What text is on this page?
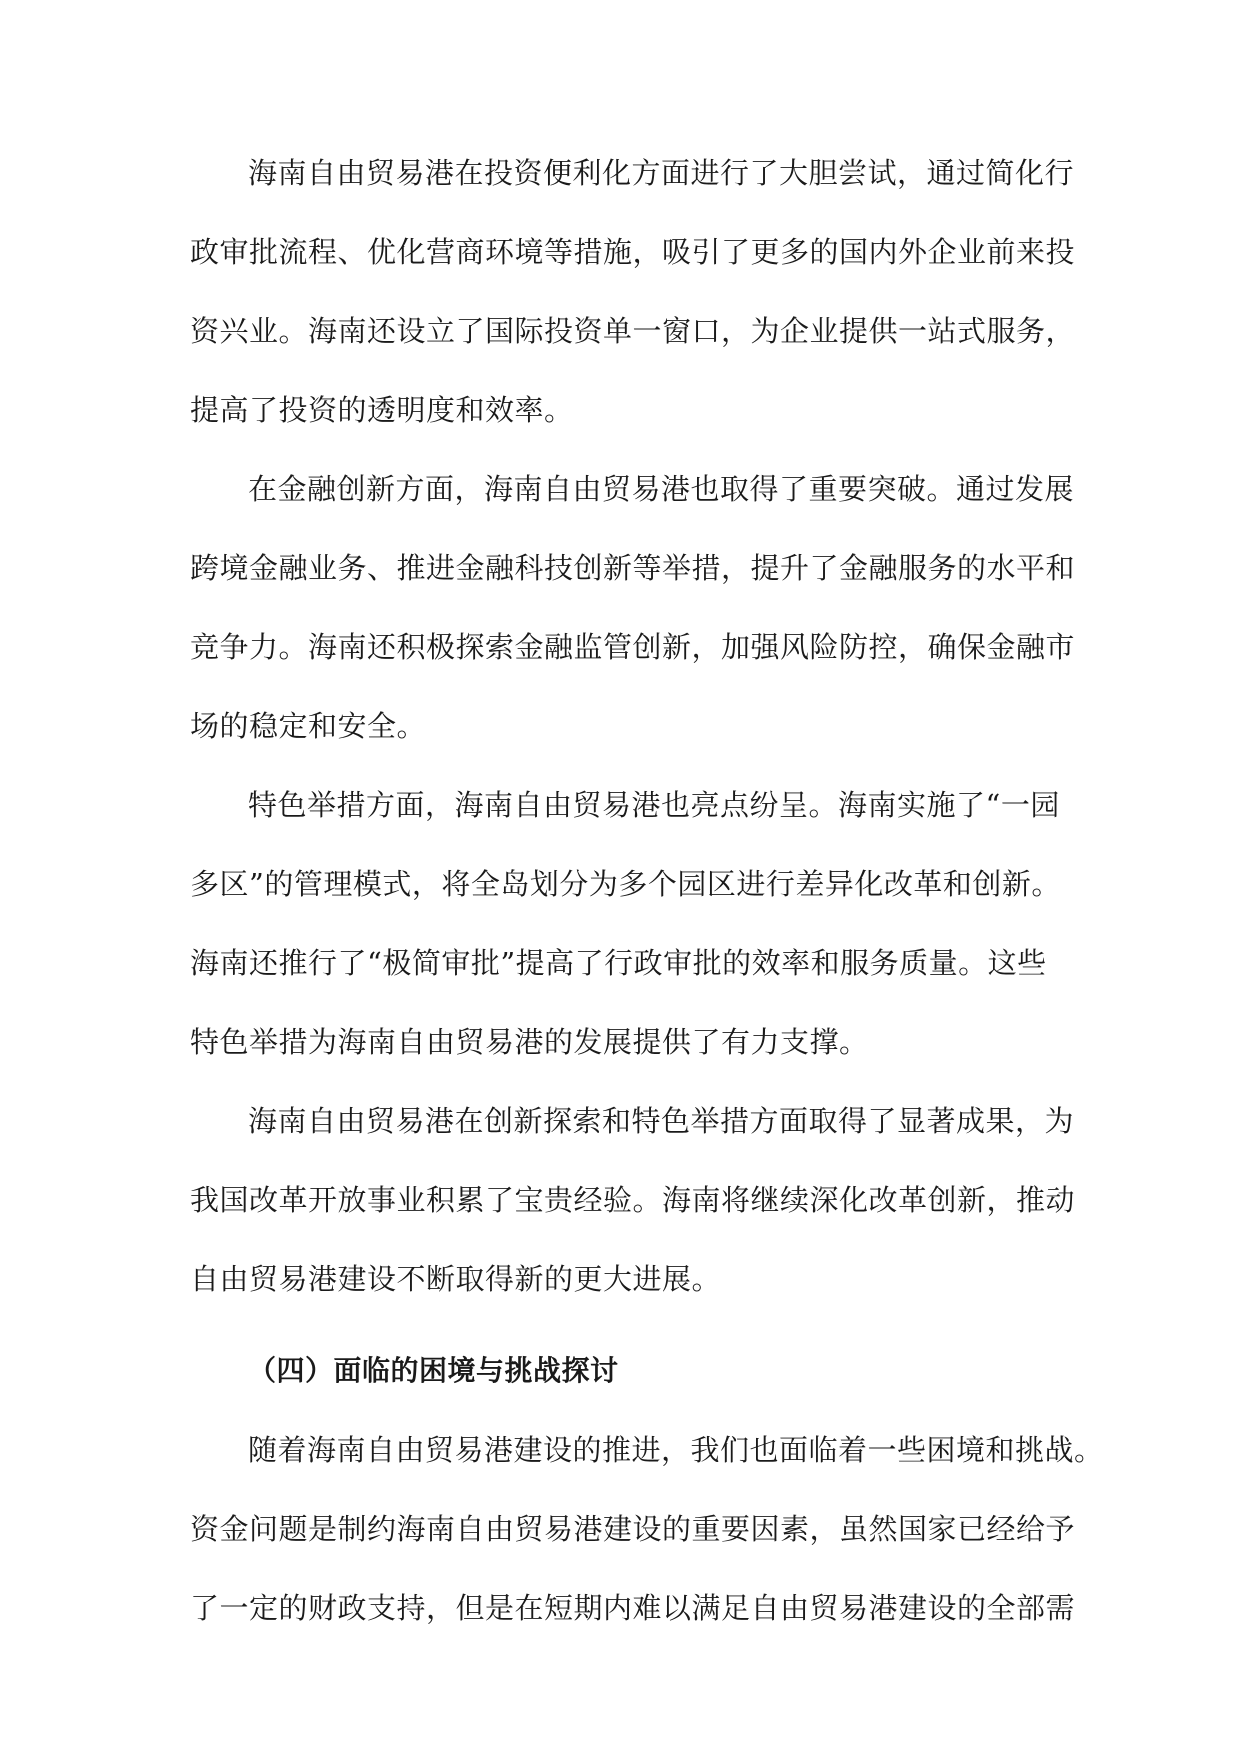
海南自由贸易港在投资便利化方面进行了大胆尝试，通过简化行
政审批流程、优化营商环境等措施，吸引了更多的国内外企业前来投
资兴业。海南还设立了国际投资单一窗口，为企业提供一站式服务，
提高了投资的透明度和效率。
在金融创新方面，海南自由贸易港也取得了重要突破。通过发展
跨境金融业务、推进金融科技创新等举措，提升了金融服务的水平和
竞争力。海南还积极探索金融监管创新，加强风险防控，确保金融市
场的稳定和安全。
特色举措方面，海南自由贸易港也亮点纷呈。海南实施了“一园
多区”的管理模式，将全岛划分为多个园区进行差异化改革和创新。
海南还推行了“极简审批”提高了行政审批的效率和服务质量。这些
特色举措为海南自由贸易港的发展提供了有力支撑。
海南自由贸易港在创新探索和特色举措方面取得了显著成果，为
我国改革开放事业积累了宝贵经验。海南将继续深化改革创新，推动
自由贸易港建设不断取得新的更大进展。
（四）面临的困境与挑战探讨
随着海南自由贸易港建设的推进，我们也面临着一些困境和挑战。
资金问题是制约海南自由贸易港建设的重要因素，虽然国家已经给予
了一定的财政支持，但是在短期内难以满足自由贸易港建设的全部需
